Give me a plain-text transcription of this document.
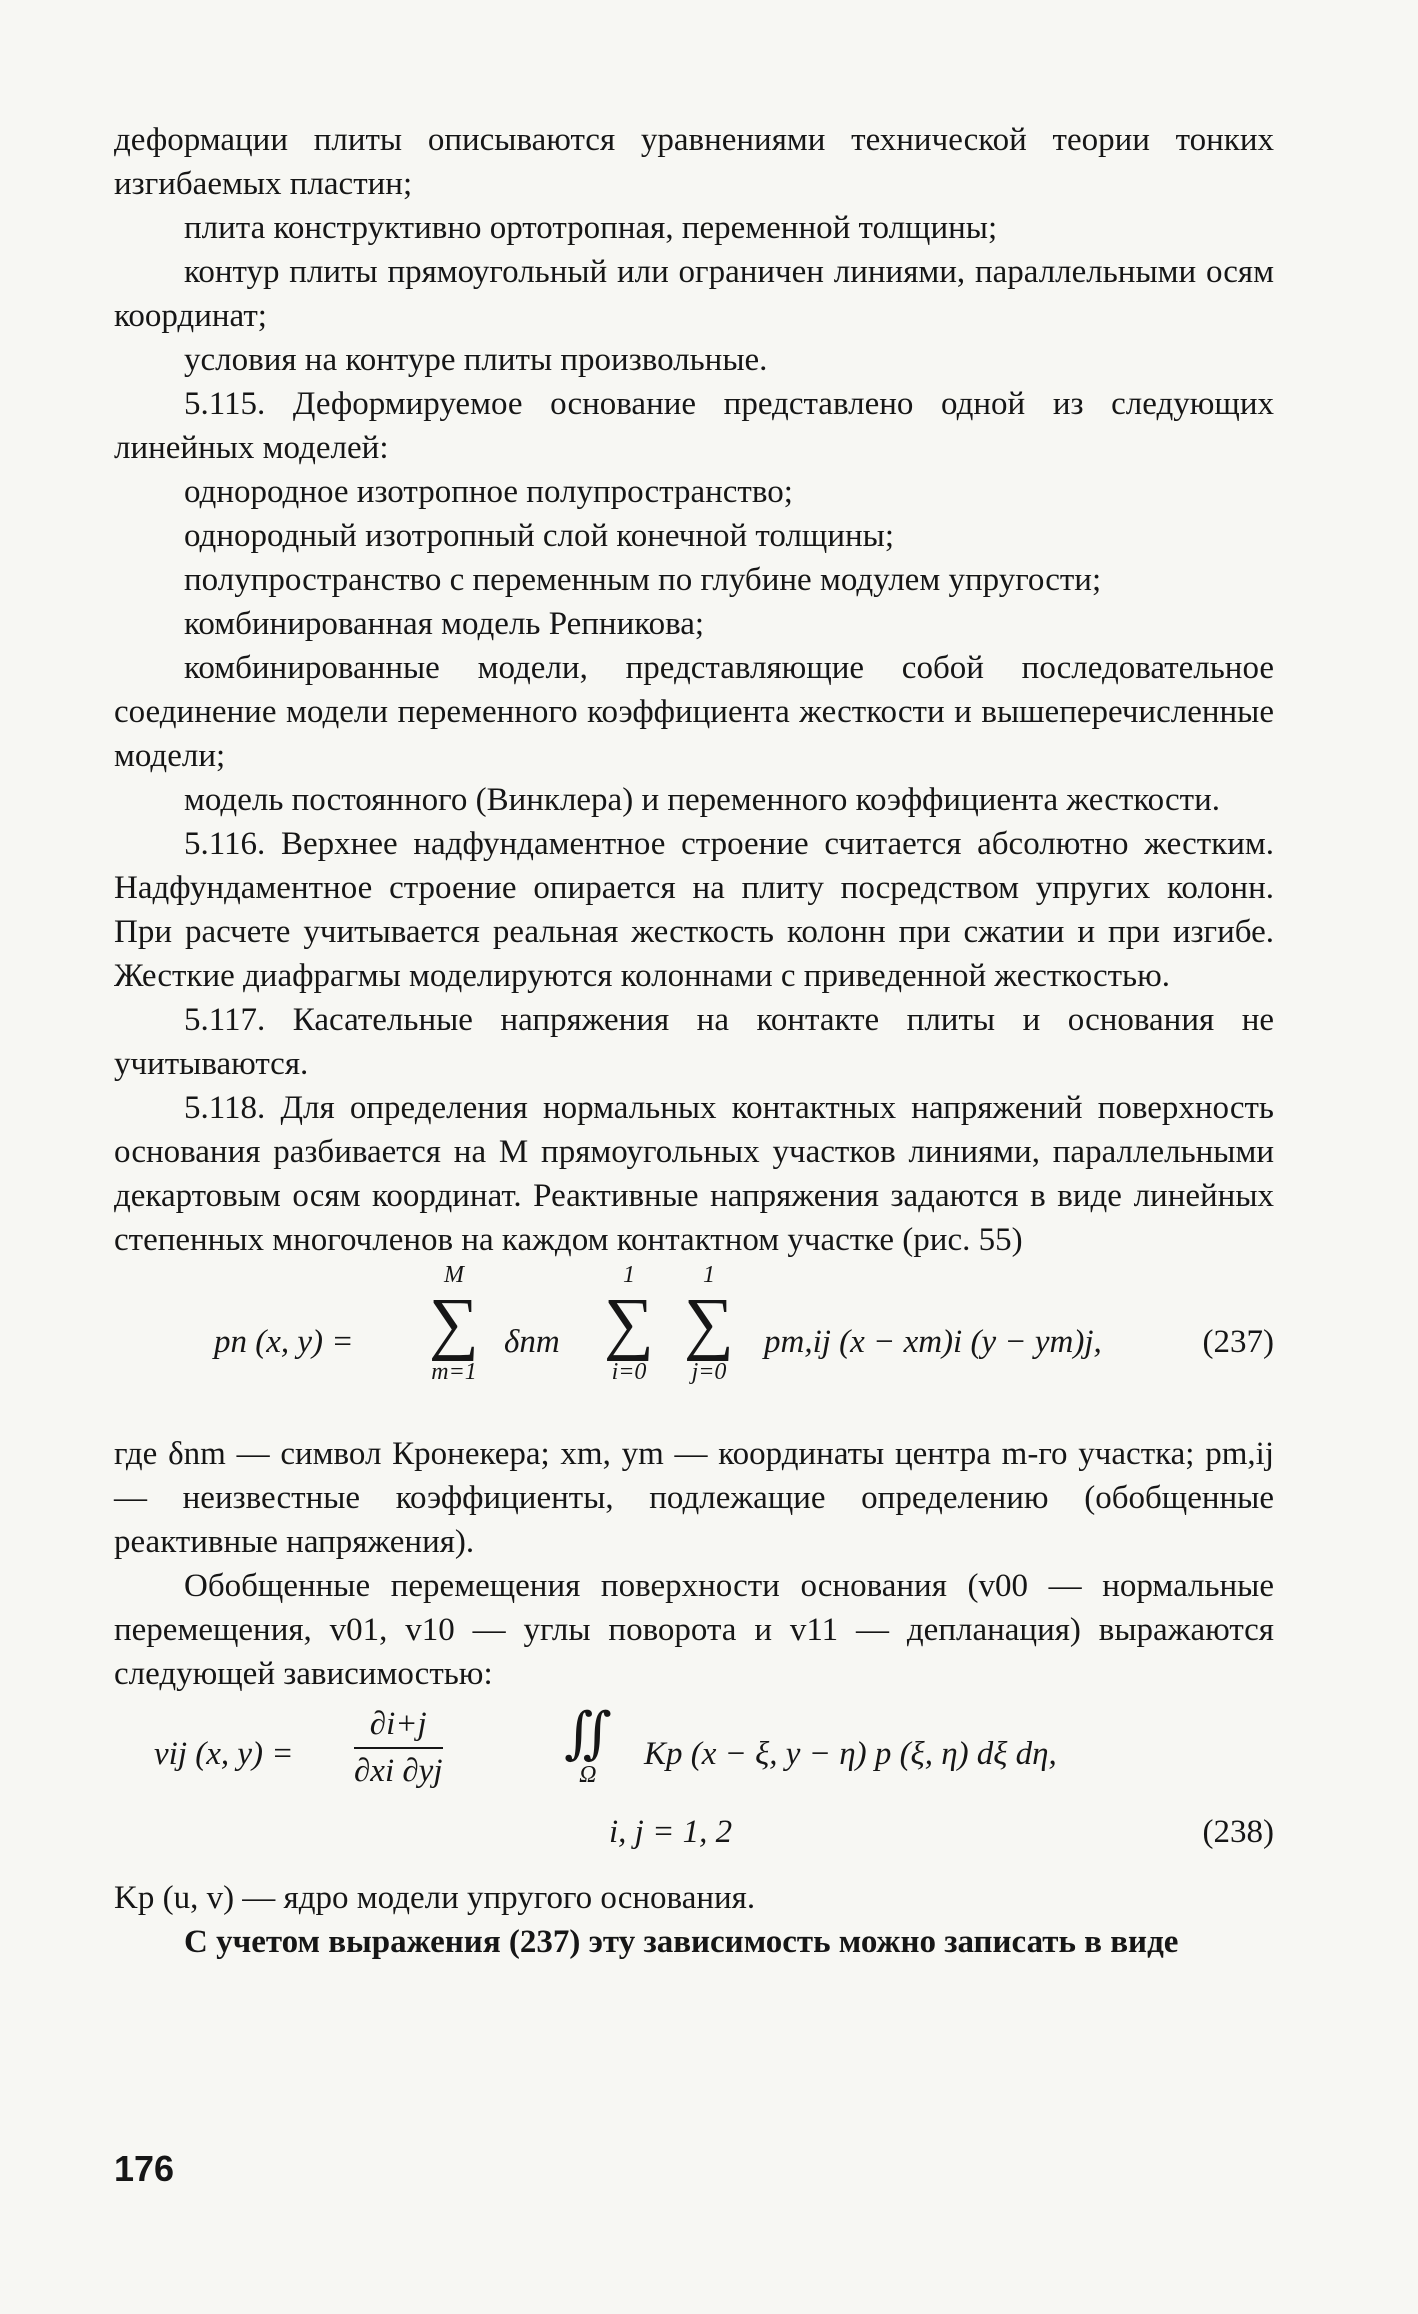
деформации плиты описываются уравнениями технической теории тонких изгибаемых пластин;

плита конструктивно ортотропная, переменной толщины;

контур плиты прямоугольный или ограничен линиями, параллельными осям координат;

условия на контуре плиты произвольные.

5.115. Деформируемое основание представлено одной из следующих линейных моделей:

однородное изотропное полупространство;

однородный изотропный слой конечной толщины;

полупространство с переменным по глубине модулем упругости;

комбинированная модель Репникова;

комбинированные модели, представляющие собой последовательное соединение модели переменного коэффициента жесткости и вышеперечисленные модели;

модель постоянного (Винклера) и переменного коэффициента жесткости.

5.116. Верхнее надфундаментное строение считается абсолютно жестким. Надфундаментное строение опирается на плиту посредством упругих колонн. При расчете учитывается реальная жесткость колонн при сжатии и при изгибе. Жесткие диафрагмы моделируются колоннами с приведенной жесткостью.

5.117. Касательные напряжения на контакте плиты и основания не учитываются.

5.118. Для определения нормальных контактных напряжений поверхность основания разбивается на M прямоугольных участков линиями, параллельными декартовым осям координат. Реактивные напряжения задаются в виде линейных степенных многочленов на каждом контактном участке (рис. 55)

pn (x, y) =
M
∑
m=1
δnm
1
∑
i=0
1
∑
j=0
pm,ij (x − xm)i (y − ym)j,	(237)

где δnm — символ Кронекера; xm, ym — координаты центра m-го участка; pm,ij — неизвестные коэффициенты, подлежащие определению (обобщенные реактивные напряжения).

Обобщенные перемещения поверхности основания (v00 — нормальные перемещения, v01, v10 — углы поворота и v11 — депланация) выражаются следующей зависимостью:

vij (x, $y) = \frac{\partial i+j}{\partial xi \partial yj}$ ∬
Ω
Kp (x − ξ, y − η) p (ξ, η) dξ dη,
i, j = 1, 2	(238)

Kp (u, v) — ядро модели упругого основания.

С учетом выражения (237) эту зависимость можно записать в виде

176
